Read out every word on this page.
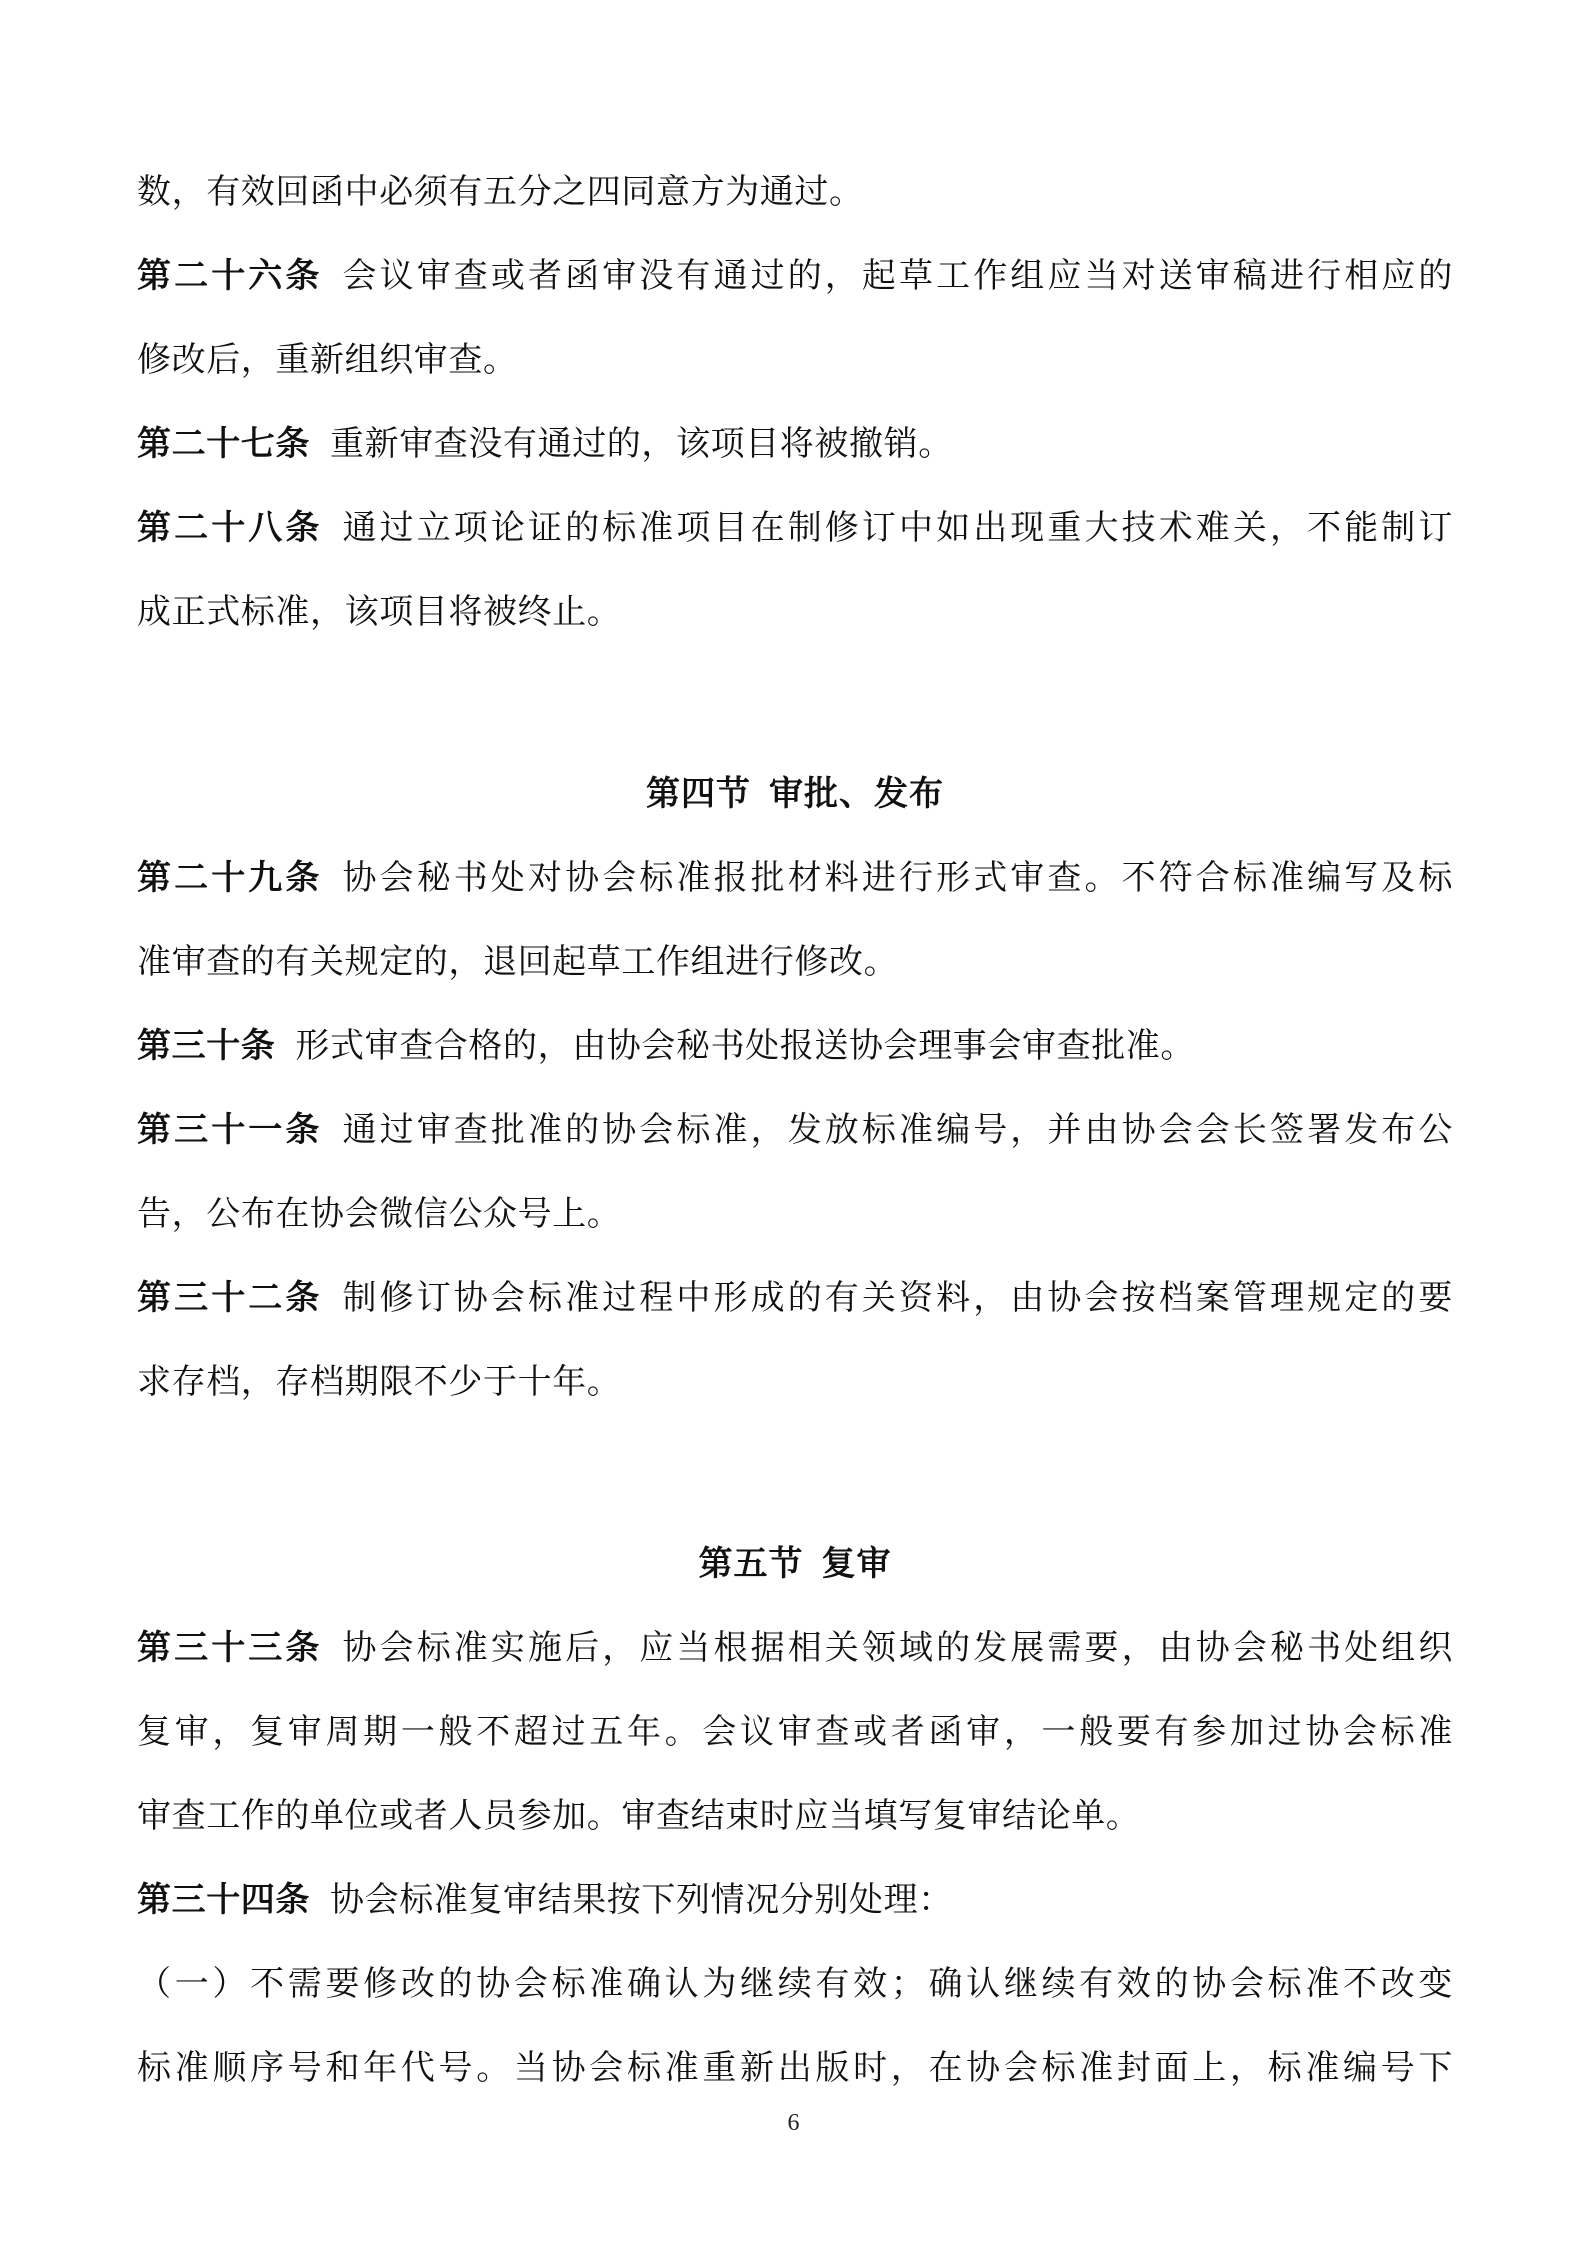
数，有效回函中必须有五分之四同意方为通过。
第二十六条 会议审查或者函审没有通过的，起草工作组应当对送审稿进行相应的
修改后，重新组织审查。
第二十七条 重新审查没有通过的，该项目将被撤销。
第二十八条 通过立项论证的标准项目在制修订中如出现重大技术难关，不能制订
成正式标准，该项目将被终止。
第四节 审批、发布
第二十九条 协会秘书处对协会标准报批材料进行形式审查。不符合标准编写及标
准审查的有关规定的，退回起草工作组进行修改。
第三十条 形式审查合格的，由协会秘书处报送协会理事会审查批准。
第三十一条 通过审查批准的协会标准，发放标准编号，并由协会会长签署发布公
告，公布在协会微信公众号上。
第三十二条 制修订协会标准过程中形成的有关资料，由协会按档案管理规定的要
求存档，存档期限不少于十年。
第五节 复审
第三十三条 协会标准实施后，应当根据相关领域的发展需要，由协会秘书处组织
复审，复审周期一般不超过五年。会议审查或者函审，一般要有参加过协会标准
审查工作的单位或者人员参加。审查结束时应当填写复审结论单。
第三十四条 协会标准复审结果按下列情况分别处理：
（一）不需要修改的协会标准确认为继续有效；确认继续有效的协会标准不改变
标准顺序号和年代号。当协会标准重新出版时，在协会标准封面上，标准编号下
6
